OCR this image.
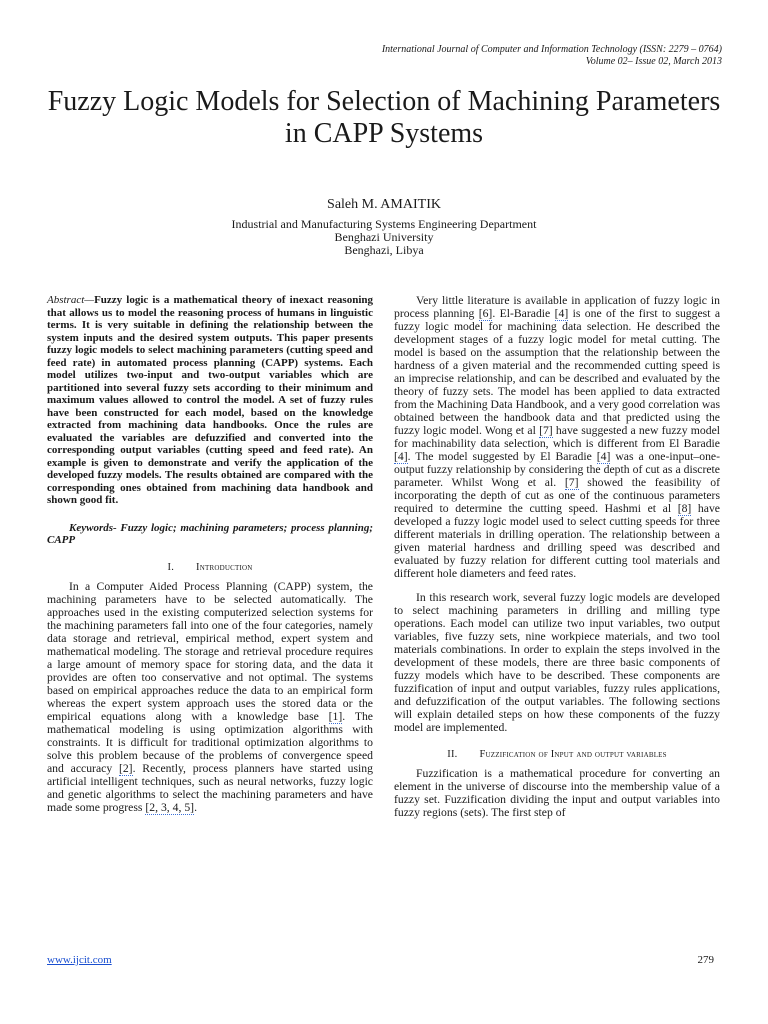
International Journal of Computer and Information Technology (ISSN: 2279 – 0764)
Volume 02– Issue 02, March 2013
Fuzzy Logic Models for Selection of Machining Parameters in CAPP Systems
Saleh M. AMAITIK
Industrial and Manufacturing Systems Engineering Department
Benghazi University
Benghazi, Libya

Abstract—Fuzzy logic is a mathematical theory of inexact reasoning that allows us to model the reasoning process of humans in linguistic terms. It is very suitable in defining the relationship between the system inputs and the desired system outputs. This paper presents fuzzy logic models to select machining parameters (cutting speed and feed rate) in automated process planning (CAPP) systems. Each model utilizes two-input and two-output variables which are partitioned into several fuzzy sets according to their minimum and maximum values allowed to control the model. A set of fuzzy rules have been constructed for each model, based on the knowledge extracted from machining data handbooks. Once the rules are evaluated the variables are defuzzified and converted into the corresponding output variables (cutting speed and feed rate). An example is given to demonstrate and verify the application of the developed fuzzy models. The results obtained are compared with the corresponding ones obtained from machining data handbook and shown good fit.

Keywords- Fuzzy logic; machining parameters; process planning; CAPP

I. Introduction

In a Computer Aided Process Planning (CAPP) system, the machining parameters have to be selected automatically. The approaches used in the existing computerized selection systems for the machining parameters fall into one of the four categories, namely data storage and retrieval, empirical method, expert system and mathematical modeling. The storage and retrieval procedure requires a large amount of memory space for storing data, and the data it provides are often too conservative and not optimal. The systems based on empirical approaches reduce the data to an empirical form whereas the expert system approach uses the stored data or the empirical equations along with a knowledge base [1]. The mathematical modeling is using optimization algorithms with constraints. It is difficult for traditional optimization algorithms to solve this problem because of the problems of convergence speed and accuracy [2]. Recently, process planners have started using artificial intelligent techniques, such as neural networks, fuzzy logic and genetic algorithms to select the machining parameters and have made some progress [2, 3, 4, 5].

Very little literature is available in application of fuzzy logic in process planning [6]. El-Baradie [4] is one of the first to suggest a fuzzy logic model for machining data selection. He described the development stages of a fuzzy logic model for metal cutting. The model is based on the assumption that the relationship between the hardness of a given material and the recommended cutting speed is an imprecise relationship, and can be described and evaluated by the theory of fuzzy sets. The model has been applied to data extracted from the Machining Data Handbook, and a very good correlation was obtained between the handbook data and that predicted using the fuzzy logic model. Wong et al [7] have suggested a new fuzzy model for machinability data selection, which is different from El Baradie [4]. The model suggested by El Baradie [4] was a one-input–one-output fuzzy relationship by considering the depth of cut as a discrete parameter. Whilst Wong et al. [7] showed the feasibility of incorporating the depth of cut as one of the continuous parameters required to determine the cutting speed. Hashmi et al [8] have developed a fuzzy logic model used to select cutting speeds for three different materials in drilling operation. The relationship between a given material hardness and drilling speed was described and evaluated by fuzzy relation for different cutting tool materials and different hole diameters and feed rates.

In this research work, several fuzzy logic models are developed to select machining parameters in drilling and milling type operations. Each model can utilize two input variables, two output variables, five fuzzy sets, nine workpiece materials, and two tool materials combinations. In order to explain the steps involved in the development of these models, there are three basic components of fuzzy models which have to be described. These components are fuzzification of input and output variables, fuzzy rules applications, and defuzzification of the output variables. The following sections will explain detailed steps on how these components of the fuzzy model are implemented.

II. Fuzzification of Input and output variables

Fuzzification is a mathematical procedure for converting an element in the universe of discourse into the membership value of a fuzzy set. Fuzzification dividing the input and output variables into fuzzy regions (sets). The first step of

www.ijcit.com	279
